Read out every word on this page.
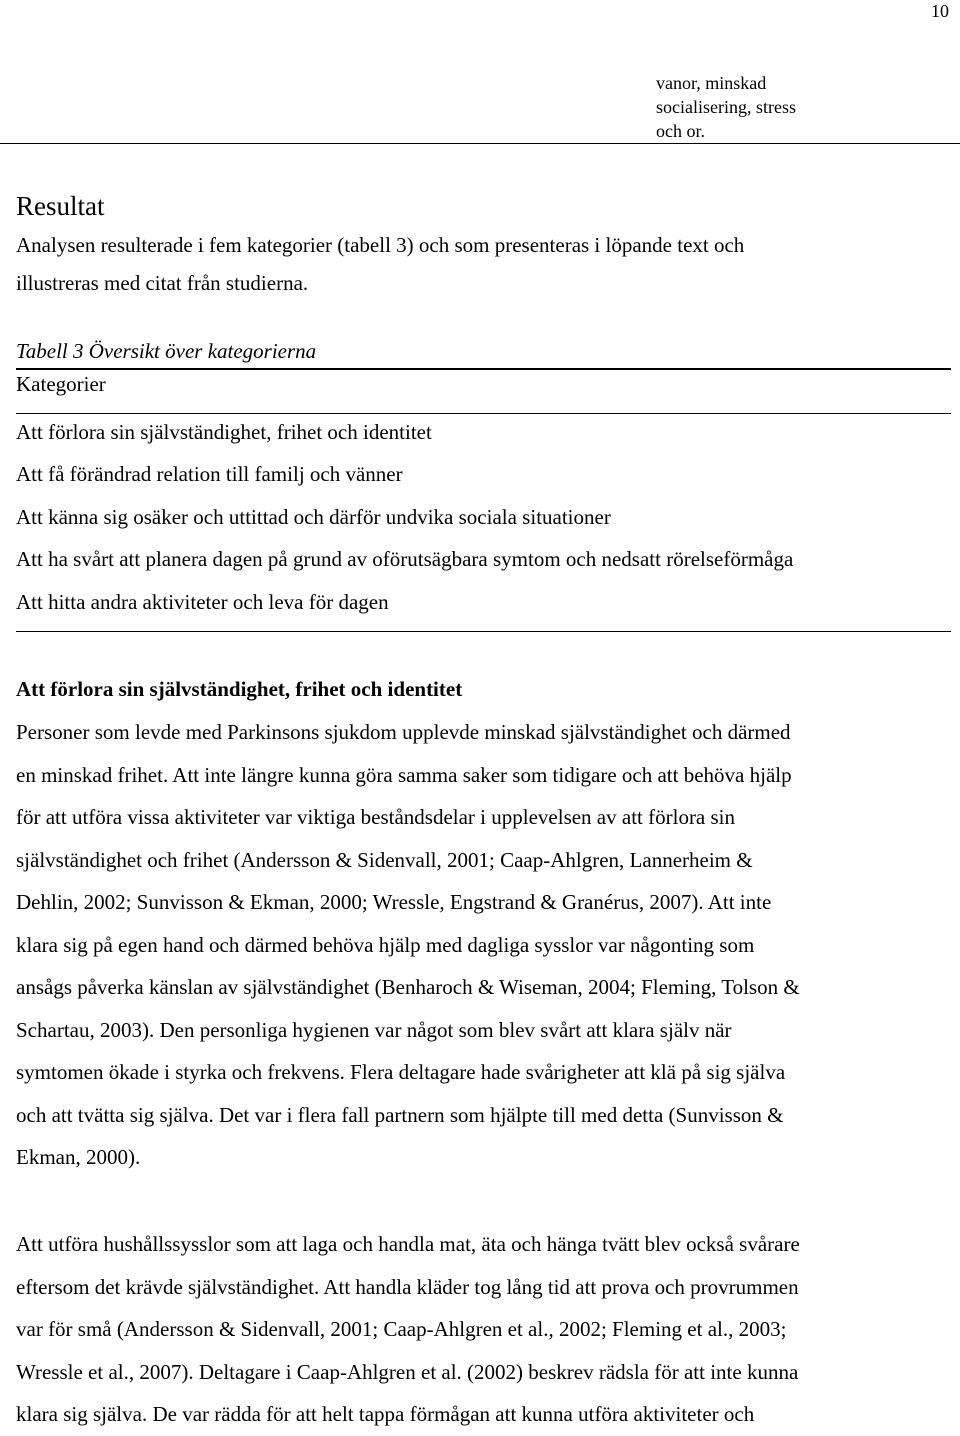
10
vanor, minskad
socialisering, stress
och or.
Resultat
Analysen resulterade i fem kategorier (tabell 3) och som presenteras i löpande text och
illustreras med citat från studierna.
Tabell 3 Översikt över kategorierna
Kategorier
Att förlora sin självständighet, frihet och identitet
Att få förändrad relation till familj och vänner
Att känna sig osäker och uttittad och därför undvika sociala situationer
Att ha svårt att planera dagen på grund av oförutsägbara symtom och nedsatt rörelseförmåga
Att hitta andra aktiviteter och leva för dagen
Att förlora sin självständighet, frihet och identitet

Personer som levde med Parkinsons sjukdom upplevde minskad självständighet och därmed

en minskad frihet. Att inte längre kunna göra samma saker som tidigare och att behöva hjälp

för att utföra vissa aktiviteter var viktiga beståndsdelar i upplevelsen av att förlora sin

självständighet och frihet (Andersson & Sidenvall, 2001; Caap-Ahlgren, Lannerheim &

Dehlin, 2002; Sunvisson & Ekman, 2000; Wressle, Engstrand & Granérus, 2007). Att inte

klara sig på egen hand och därmed behöva hjälp med dagliga sysslor var någonting som

ansågs påverka känslan av självständighet (Benharoch & Wiseman, 2004; Fleming, Tolson &

Schartau, 2003). Den personliga hygienen var något som blev svårt att klara själv när

symtomen ökade i styrka och frekvens. Flera deltagare hade svårigheter att klä på sig själva

och att tvätta sig själva. Det var i flera fall partnern som hjälpte till med detta (Sunvisson &

Ekman, 2000).

Att utföra hushållssysslor som att laga och handla mat, äta och hänga tvätt blev också svårare

eftersom det krävde självständighet. Att handla kläder tog lång tid att prova och provrummen

var för små (Andersson & Sidenvall, 2001; Caap-Ahlgren et al., 2002; Fleming et al., 2003;

Wressle et al., 2007). Deltagare i Caap-Ahlgren et al. (2002) beskrev rädsla för att inte kunna

klara sig själva. De var rädda för att helt tappa förmågan att kunna utföra aktiviteter och
